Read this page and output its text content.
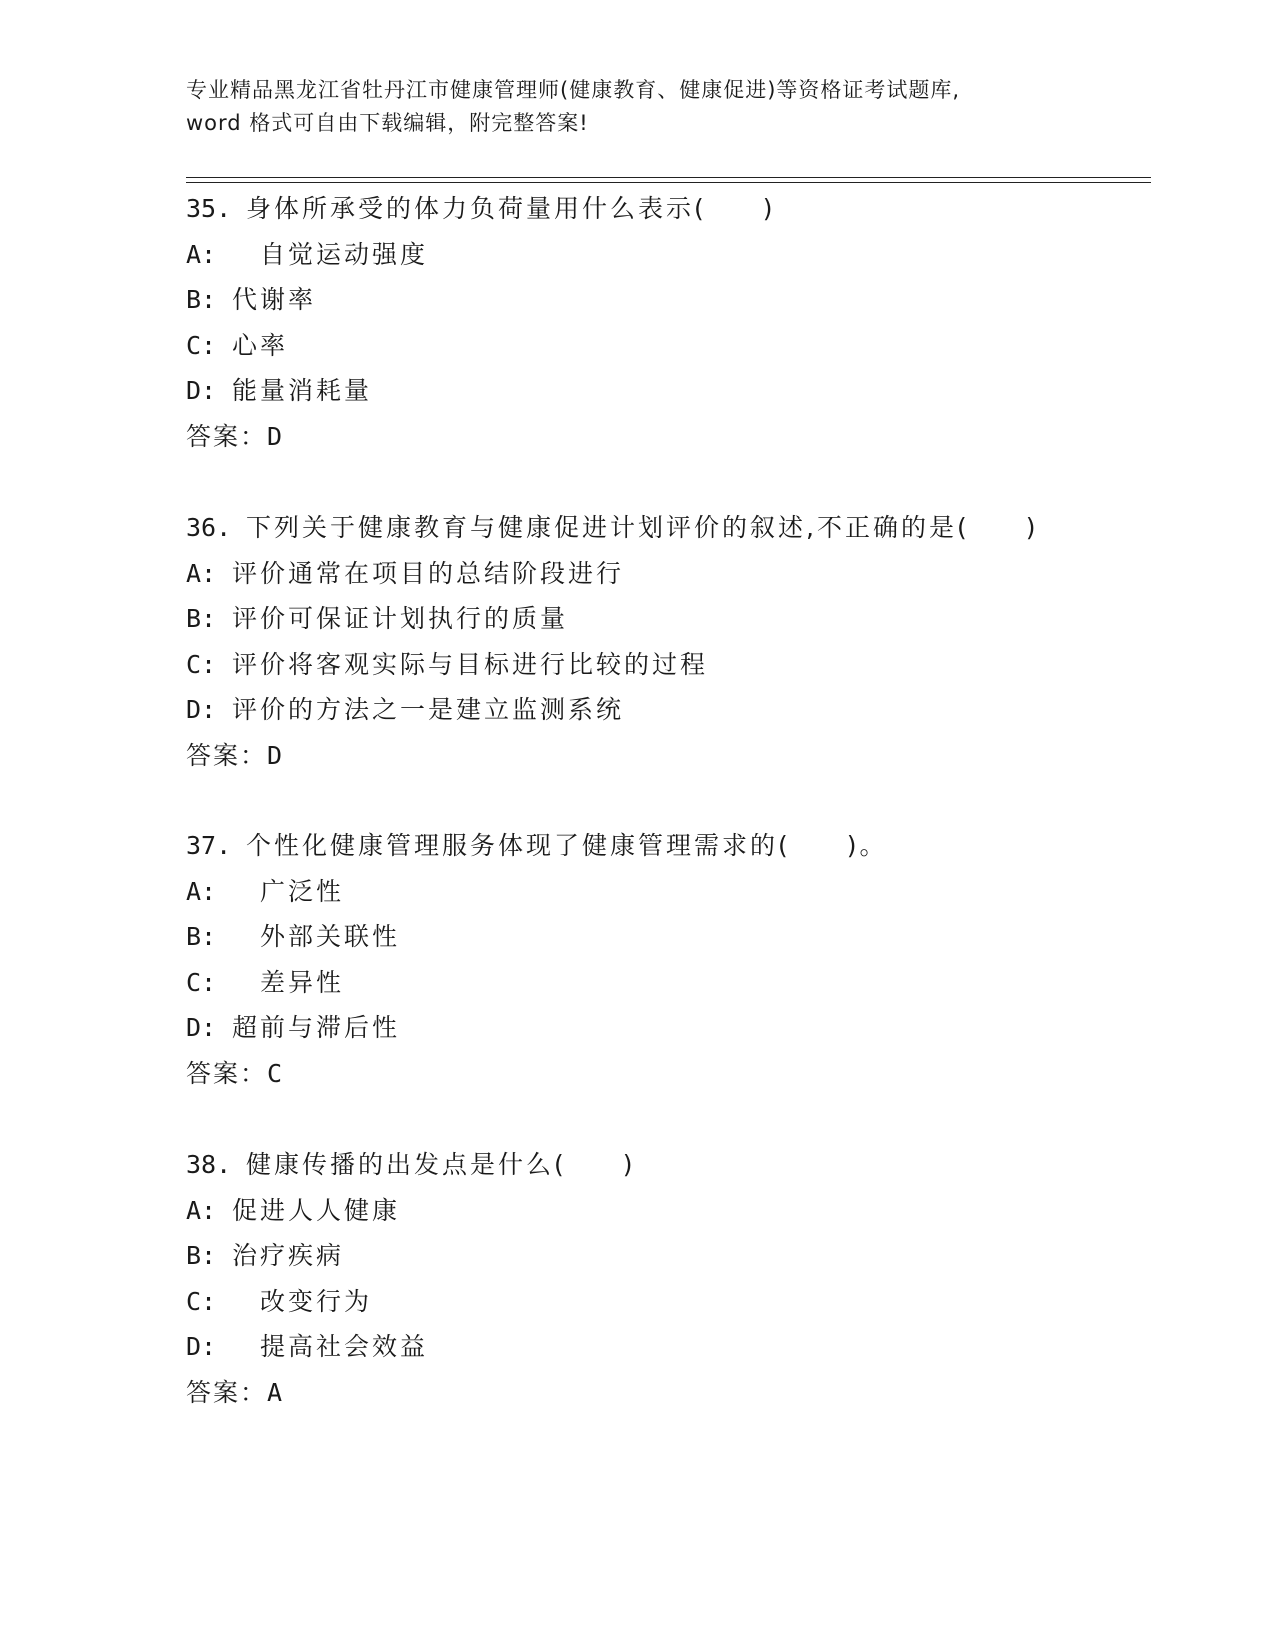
专业精品黑龙江省牡丹江市健康管理师(健康教育、健康促进)等资格证考试题库,
word 格式可自由下载编辑，附完整答案!
35. 身体所承受的体力负荷量用什么表示(　　)
A:　自觉运动强度
B: 代谢率
C: 心率
D: 能量消耗量
答案：D
36. 下列关于健康教育与健康促进计划评价的叙述,不正确的是(　　)
A: 评价通常在项目的总结阶段进行
B: 评价可保证计划执行的质量
C: 评价将客观实际与目标进行比较的过程
D: 评价的方法之一是建立监测系统
答案：D
37. 个性化健康管理服务体现了健康管理需求的(　　)。
A:　广泛性
B:　外部关联性
C:　差异性
D: 超前与滞后性
答案：C
38. 健康传播的出发点是什么(　　)
A: 促进人人健康
B: 治疗疾病
C:　改变行为
D:　提高社会效益
答案：A
